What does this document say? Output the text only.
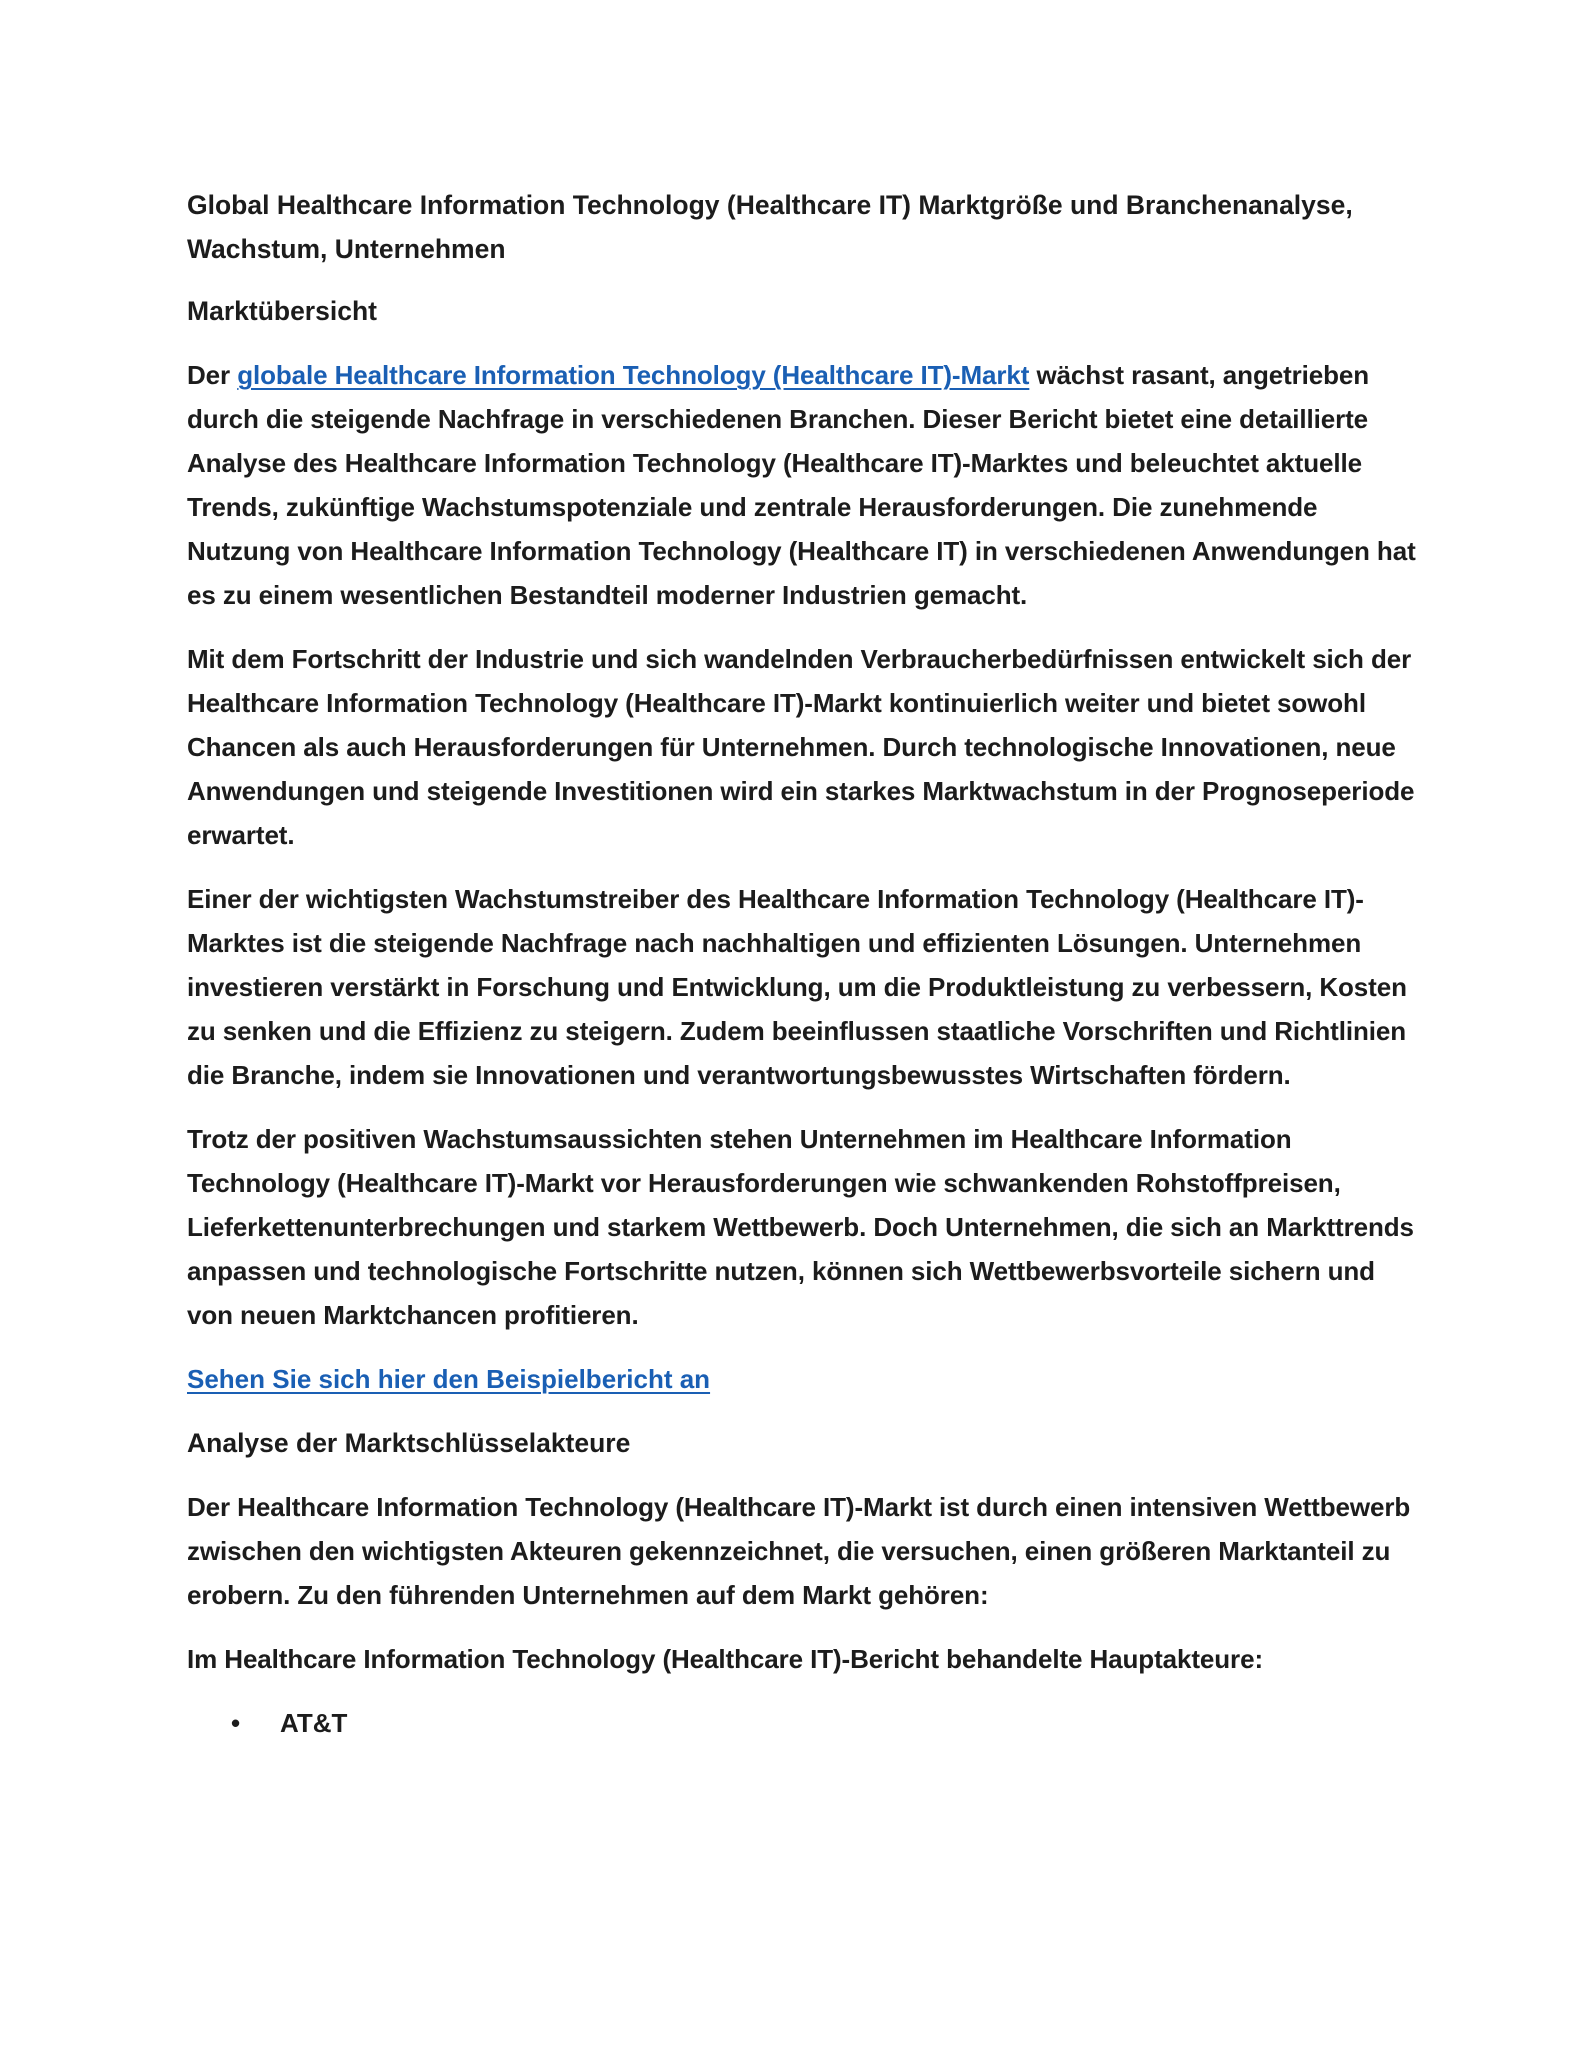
Global Healthcare Information Technology (Healthcare IT) Marktgröße und Branchenanalyse, Wachstum, Unternehmen
Marktübersicht
Der globale Healthcare Information Technology (Healthcare IT)-Markt wächst rasant, angetrieben durch die steigende Nachfrage in verschiedenen Branchen. Dieser Bericht bietet eine detaillierte Analyse des Healthcare Information Technology (Healthcare IT)-Marktes und beleuchtet aktuelle Trends, zukünftige Wachstumspotenziale und zentrale Herausforderungen. Die zunehmende Nutzung von Healthcare Information Technology (Healthcare IT) in verschiedenen Anwendungen hat es zu einem wesentlichen Bestandteil moderner Industrien gemacht.
Mit dem Fortschritt der Industrie und sich wandelnden Verbraucherbedürfnissen entwickelt sich der Healthcare Information Technology (Healthcare IT)-Markt kontinuierlich weiter und bietet sowohl Chancen als auch Herausforderungen für Unternehmen. Durch technologische Innovationen, neue Anwendungen und steigende Investitionen wird ein starkes Marktwachstum in der Prognoseperiode erwartet.
Einer der wichtigsten Wachstumstreiber des Healthcare Information Technology (Healthcare IT)-Marktes ist die steigende Nachfrage nach nachhaltigen und effizienten Lösungen. Unternehmen investieren verstärkt in Forschung und Entwicklung, um die Produktleistung zu verbessern, Kosten zu senken und die Effizienz zu steigern. Zudem beeinflussen staatliche Vorschriften und Richtlinien die Branche, indem sie Innovationen und verantwortungsbewusstes Wirtschaften fördern.
Trotz der positiven Wachstumsaussichten stehen Unternehmen im Healthcare Information Technology (Healthcare IT)-Markt vor Herausforderungen wie schwankenden Rohstoffpreisen, Lieferkettenunterbrechungen und starkem Wettbewerb. Doch Unternehmen, die sich an Markttrends anpassen und technologische Fortschritte nutzen, können sich Wettbewerbsvorteile sichern und von neuen Marktchancen profitieren.
Sehen Sie sich hier den Beispielbericht an
Analyse der Marktschlüsselakteure
Der Healthcare Information Technology (Healthcare IT)-Markt ist durch einen intensiven Wettbewerb zwischen den wichtigsten Akteuren gekennzeichnet, die versuchen, einen größeren Marktanteil zu erobern. Zu den führenden Unternehmen auf dem Markt gehören:
Im Healthcare Information Technology (Healthcare IT)-Bericht behandelte Hauptakteure:
• AT&T
